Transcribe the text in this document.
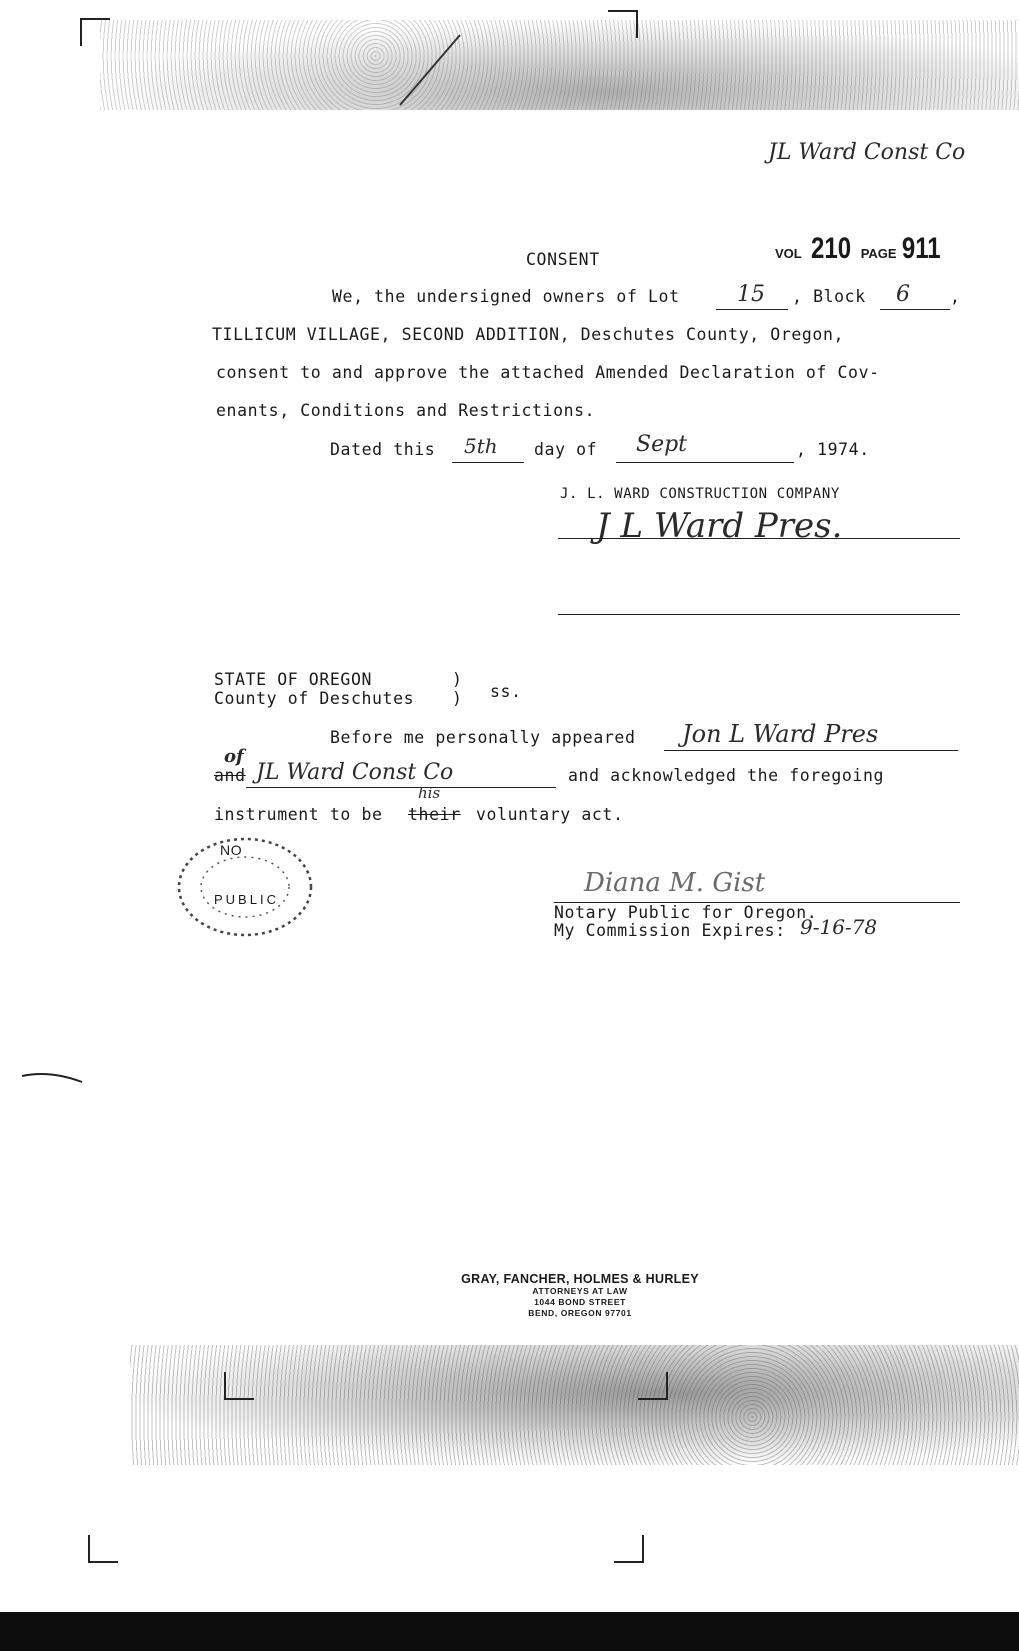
JL Ward Const Co
VOL 210 PAGE 911
CONSENT
We, the undersigned owners of Lot	15 , Block 6 ,
TILLICUM VILLAGE, SECOND ADDITION, Deschutes County, Oregon,
consent to and approve the attached Amended Declaration of Cov-
enants, Conditions and Restrictions.
Dated this 5th day of Sept	, 1974.
J. L. WARD CONSTRUCTION COMPANY
J L Ward Pres.
STATE OF OREGON	)
County of Deschutes ) ss.
Before me personally appeared Jon L Ward Pres
and
of
JL Ward Const Co	and acknowledged the foregoing
instrument to be their
his
voluntary act.
NO
PUBLIC
Diana M. Gist
Notary Public for Oregon.
My Commission Expires: 9-16-78
GRAY, FANCHER, HOLMES & HURLEY
ATTORNEYS AT LAW
1044 BOND STREET
BEND, OREGON 97701
